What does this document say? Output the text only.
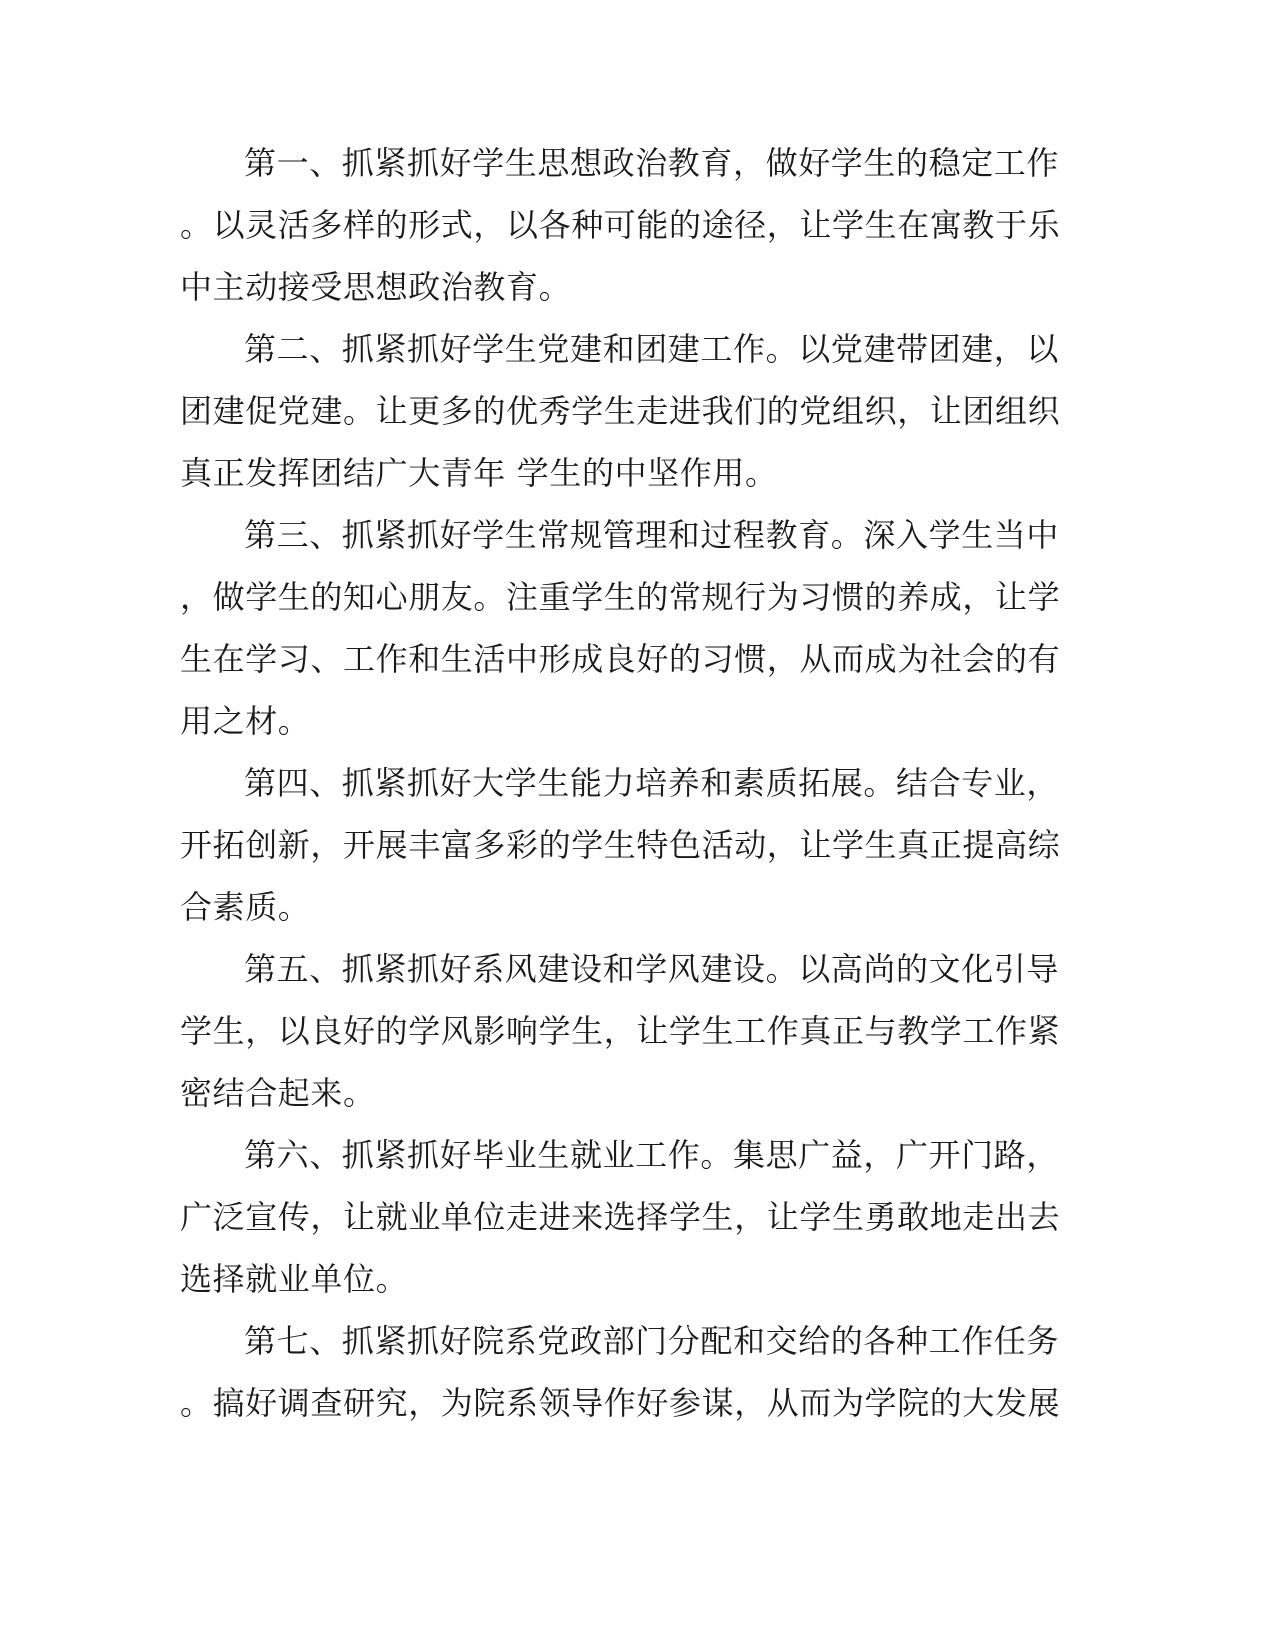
第一、抓紧抓好学生思想政治教育，做好学生的稳定工作
。以灵活多样的形式，以各种可能的途径，让学生在寓教于乐
中主动接受思想政治教育。
第二、抓紧抓好学生党建和团建工作。以党建带团建，以
团建促党建。让更多的优秀学生走进我们的党组织，让团组织
真正发挥团结广大青年 学生的中坚作用。
第三、抓紧抓好学生常规管理和过程教育。深入学生当中
，做学生的知心朋友。注重学生的常规行为习惯的养成，让学
生在学习、工作和生活中形成良好的习惯，从而成为社会的有
用之材。
第四、抓紧抓好大学生能力培养和素质拓展。结合专业，
开拓创新，开展丰富多彩的学生特色活动，让学生真正提高综
合素质。
第五、抓紧抓好系风建设和学风建设。以高尚的文化引导
学生，以良好的学风影响学生，让学生工作真正与教学工作紧
密结合起来。
第六、抓紧抓好毕业生就业工作。集思广益，广开门路，
广泛宣传，让就业单位走进来选择学生，让学生勇敢地走出去
选择就业单位。
第七、抓紧抓好院系党政部门分配和交给的各种工作任务
。搞好调查研究，为院系领导作好参谋，从而为学院的大发展
